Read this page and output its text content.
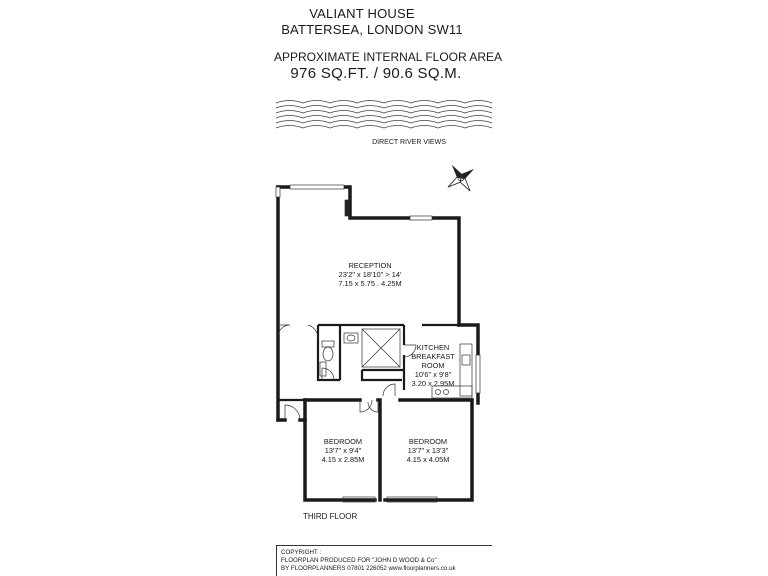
VALIANT HOUSE
BATTERSEA, LONDON SW11
APPROXIMATE INTERNAL FLOOR AREA
976 SQ.FT. / 90.6 SQ.M.
DIRECT RIVER VIEWS
RECEPTION
23'2" x 18'10" > 14'
7.15 x 5.75 . 4.25M
KITCHEN
BREAKFAST
ROOM
10'6" x 9'8"
3.20 x 2.95M
BEDROOM
13'7" x 9'4"
4.15 x 2.85M
BEDROOM
13'7" x 13'3"
4.15 x 4.05M
THIRD FLOOR
COPYRIGHT :
FLOORPLAN PRODUCED FOR "JOHN D WOOD & Co"
BY FLOORPLANNERS 07801 226052 www.floorplanners.co.uk
